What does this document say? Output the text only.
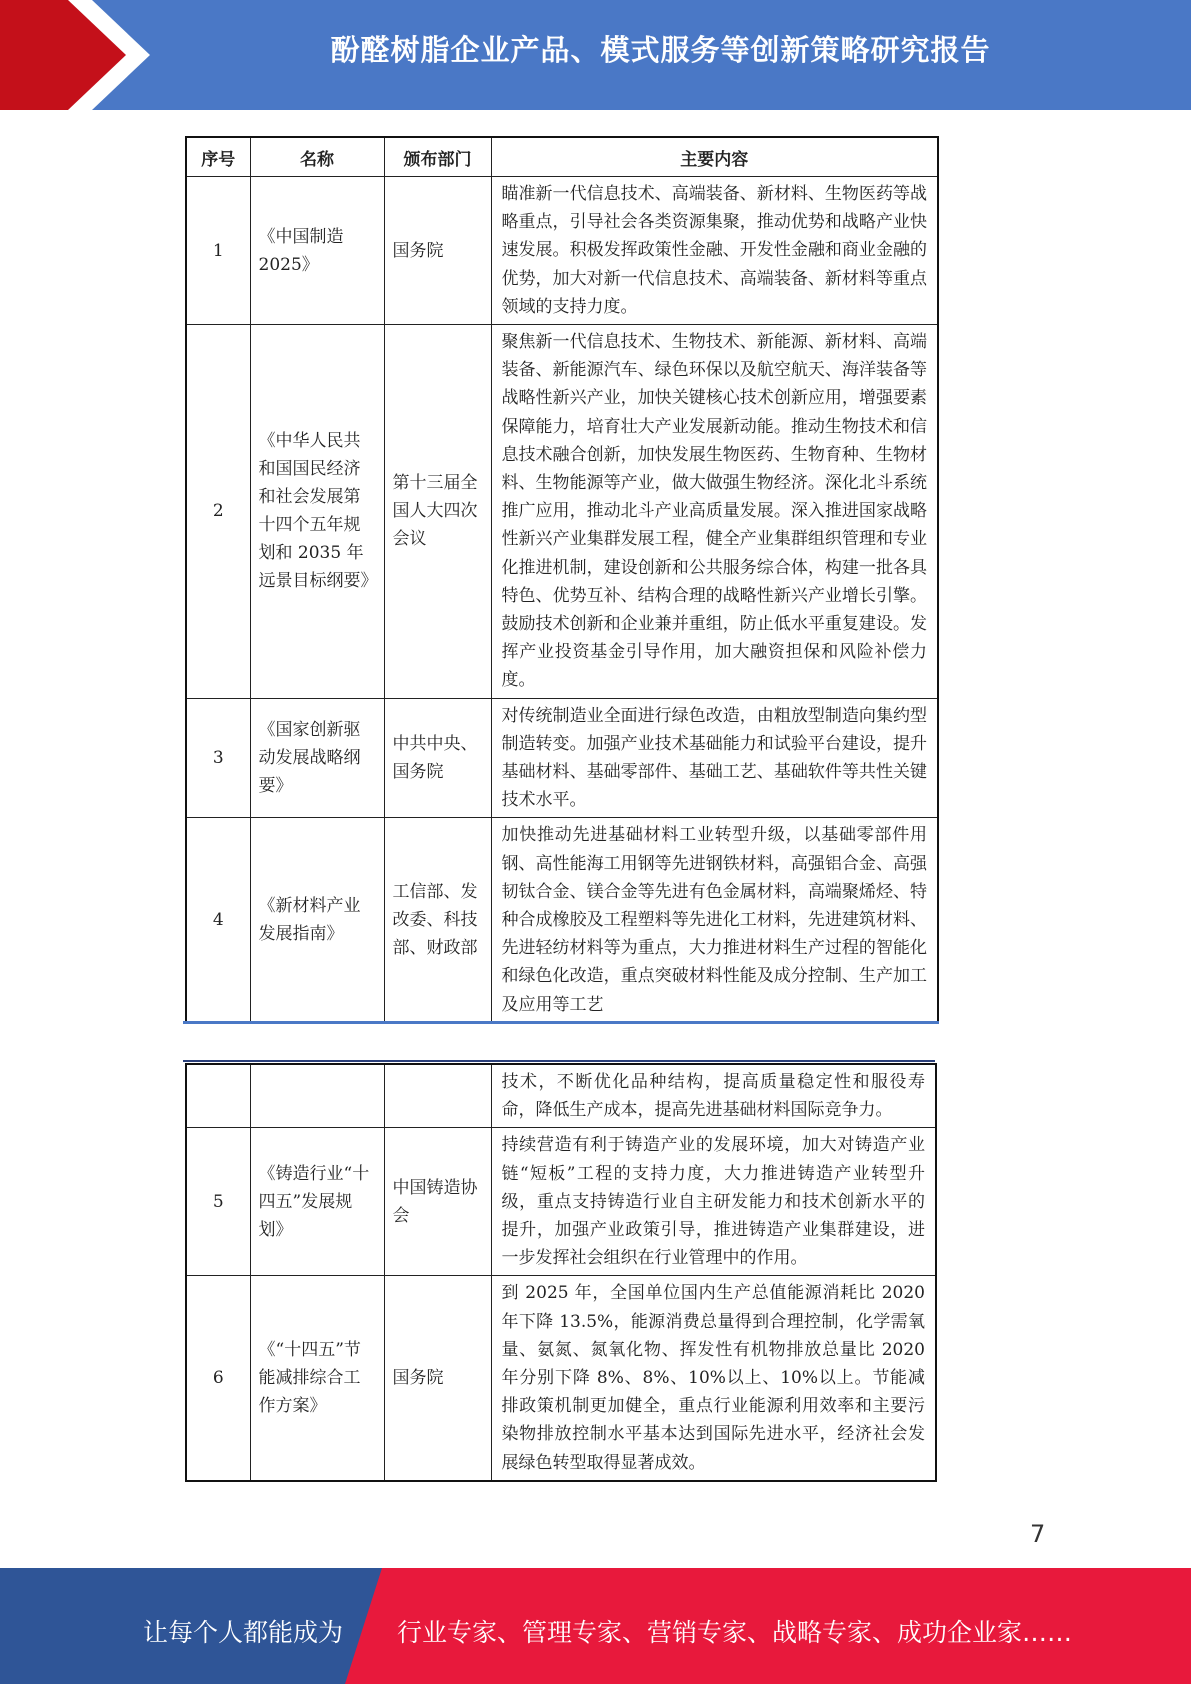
酚醛树脂企业产品、模式服务等创新策略研究报告
序号	名称	颁布部门	主要内容
1	《中国制造2025》	国务院	瞄准新一代信息技术、高端装备、新材料、生物医药等战略重点，引导社会各类资源集聚，推动优势和战略产业快速发展。积极发挥政策性金融、开发性金融和商业金融的优势，加大对新一代信息技术、高端装备、新材料等重点领域的支持力度。
2	《中华人民共和国国民经济和社会发展第十四个五年规划和 2035 年远景目标纲要》	第十三届全国人大四次会议	聚焦新一代信息技术、生物技术、新能源、新材料、高端装备、新能源汽车、绿色环保以及航空航天、海洋装备等战略性新兴产业，加快关键核心技术创新应用，增强要素保障能力，培育壮大产业发展新动能。推动生物技术和信息技术融合创新，加快发展生物医药、生物育种、生物材料、生物能源等产业，做大做强生物经济。深化北斗系统推广应用，推动北斗产业高质量发展。深入推进国家战略性新兴产业集群发展工程，健全产业集群组织管理和专业化推进机制，建设创新和公共服务综合体，构建一批各具特色、优势互补、结构合理的战略性新兴产业增长引擎。鼓励技术创新和企业兼并重组，防止低水平重复建设。发挥产业投资基金引导作用，加大融资担保和风险补偿力度。
3	《国家创新驱动发展战略纲要》	中共中央、国务院	对传统制造业全面进行绿色改造，由粗放型制造向集约型制造转变。加强产业技术基础能力和试验平台建设，提升基础材料、基础零部件、基础工艺、基础软件等共性关键技术水平。
4	《新材料产业发展指南》	工信部、发改委、科技部、财政部	加快推动先进基础材料工业转型升级，以基础零部件用钢、高性能海工用钢等先进钢铁材料，高强铝合金、高强韧钛合金、镁合金等先进有色金属材料，高端聚烯烃、特种合成橡胶及工程塑料等先进化工材料，先进建筑材料、先进轻纺材料等为重点，大力推进材料生产过程的智能化和绿色化改造，重点突破材料性能及成分控制、生产加工及应用等工艺
			技术，不断优化品种结构，提高质量稳定性和服役寿命，降低生产成本，提高先进基础材料国际竞争力。
5	《铸造行业“十四五”发展规划》	中国铸造协会	持续营造有利于铸造产业的发展环境，加大对铸造产业链“短板”工程的支持力度，大力推进铸造产业转型升级，重点支持铸造行业自主研发能力和技术创新水平的提升，加强产业政策引导，推进铸造产业集群建设，进一步发挥社会组织在行业管理中的作用。
6	《“十四五”节能减排综合工作方案》	国务院	到 2025 年，全国单位国内生产总值能源消耗比 2020 年下降 13.5%，能源消费总量得到合理控制，化学需氧量、氨氮、氮氧化物、挥发性有机物排放总量比 2020 年分别下降 8%、8%、10%以上、10%以上。节能减排政策机制更加健全，重点行业能源利用效率和主要污染物排放控制水平基本达到国际先进水平，经济社会发展绿色转型取得显著成效。
7
让每个人都能成为 行业专家、管理专家、营销专家、战略专家、成功企业家……
